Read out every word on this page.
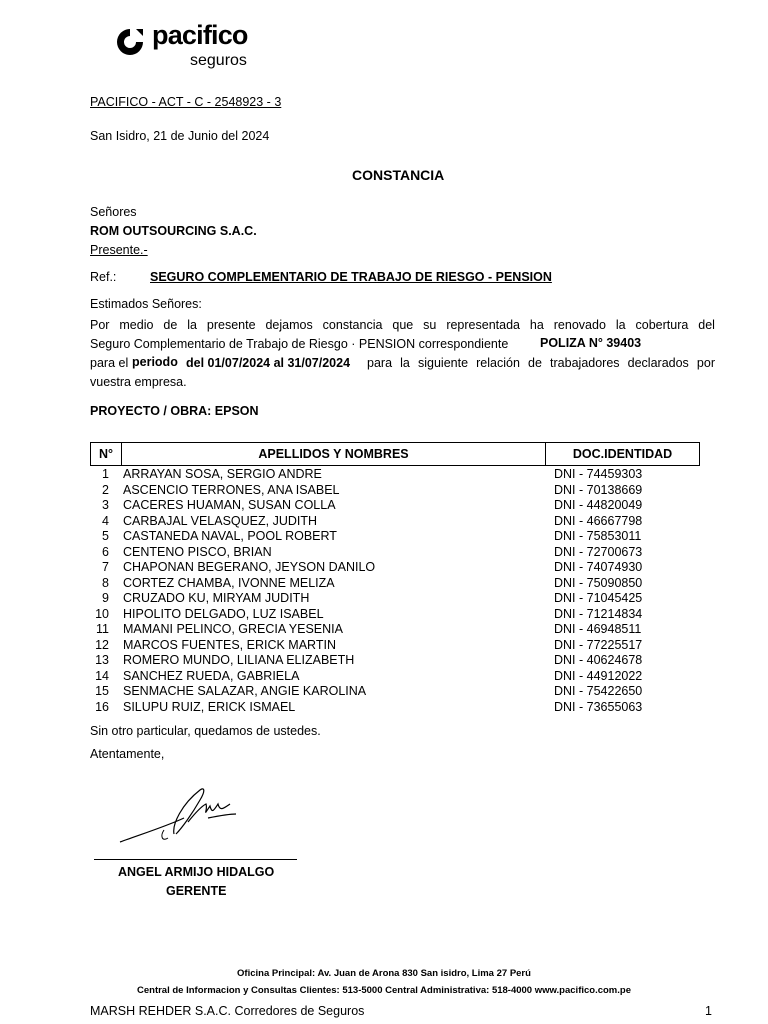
pacifico
seguros
PACIFICO - ACT - C - 2548923 - 3
San Isidro, 21 de Junio del 2024
CONSTANCIA
Señores
ROM OUTSOURCING S.A.C.
Presente.-
Ref.:	SEGURO COMPLEMENTARIO DE TRABAJO DE RIESGO - PENSION
Estimados Señores:
Por medio de la presente dejamos constancia que su representada ha renovado la cobertura del
Seguro Complementario de Trabajo de Riesgo · PENSION correspondiente	POLIZA N° 39403
para el periodo del 01/07/2024 al 31/07/2024 para la siguiente relación de trabajadores declarados por
vuestra empresa.
PROYECTO / OBRA: EPSON
N°	APELLIDOS Y NOMBRES	DOC.IDENTIDAD
1 ARRAYAN SOSA, SERGIO ANDRE	DNI - 74459303
2 ASCENCIO TERRONES, ANA ISABEL	DNI - 70138669
3 CACERES HUAMAN, SUSAN COLLA	DNI - 44820049
4 CARBAJAL VELASQUEZ, JUDITH	DNI - 46667798
5 CASTANEDA NAVAL, POOL ROBERT	DNI - 75853011
6 CENTENO PISCO, BRIAN	DNI - 72700673
7 CHAPONAN BEGERANO, JEYSON DANILO	DNI - 74074930
8 CORTEZ CHAMBA, IVONNE MELIZA	DNI - 75090850
9 CRUZADO KU, MIRYAM JUDITH	DNI - 71045425
10 HIPOLITO DELGADO, LUZ ISABEL	DNI - 71214834
11 MAMANI PELINCO, GRECIA YESENIA	DNI - 46948511
12 MARCOS FUENTES, ERICK MARTIN	DNI - 77225517
13 ROMERO MUNDO, LILIANA ELIZABETH	DNI - 40624678
14 SANCHEZ RUEDA, GABRIELA	DNI - 44912022
15 SENMACHE SALAZAR, ANGIE KAROLINA	DNI - 75422650
16 SILUPU RUIZ, ERICK ISMAEL	DNI - 73655063
Sin otro particular, quedamos de ustedes.
Atentamente,
ANGEL ARMIJO HIDALGO
GERENTE
Oficina Principal: Av. Juan de Arona 830 San isidro, Lima 27 Perú
Central de Informacion y Consultas Clientes: 513-5000 Central Administrativa: 518-4000 www.pacifico.com.pe
MARSH REHDER S.A.C. Corredores de Seguros	1
